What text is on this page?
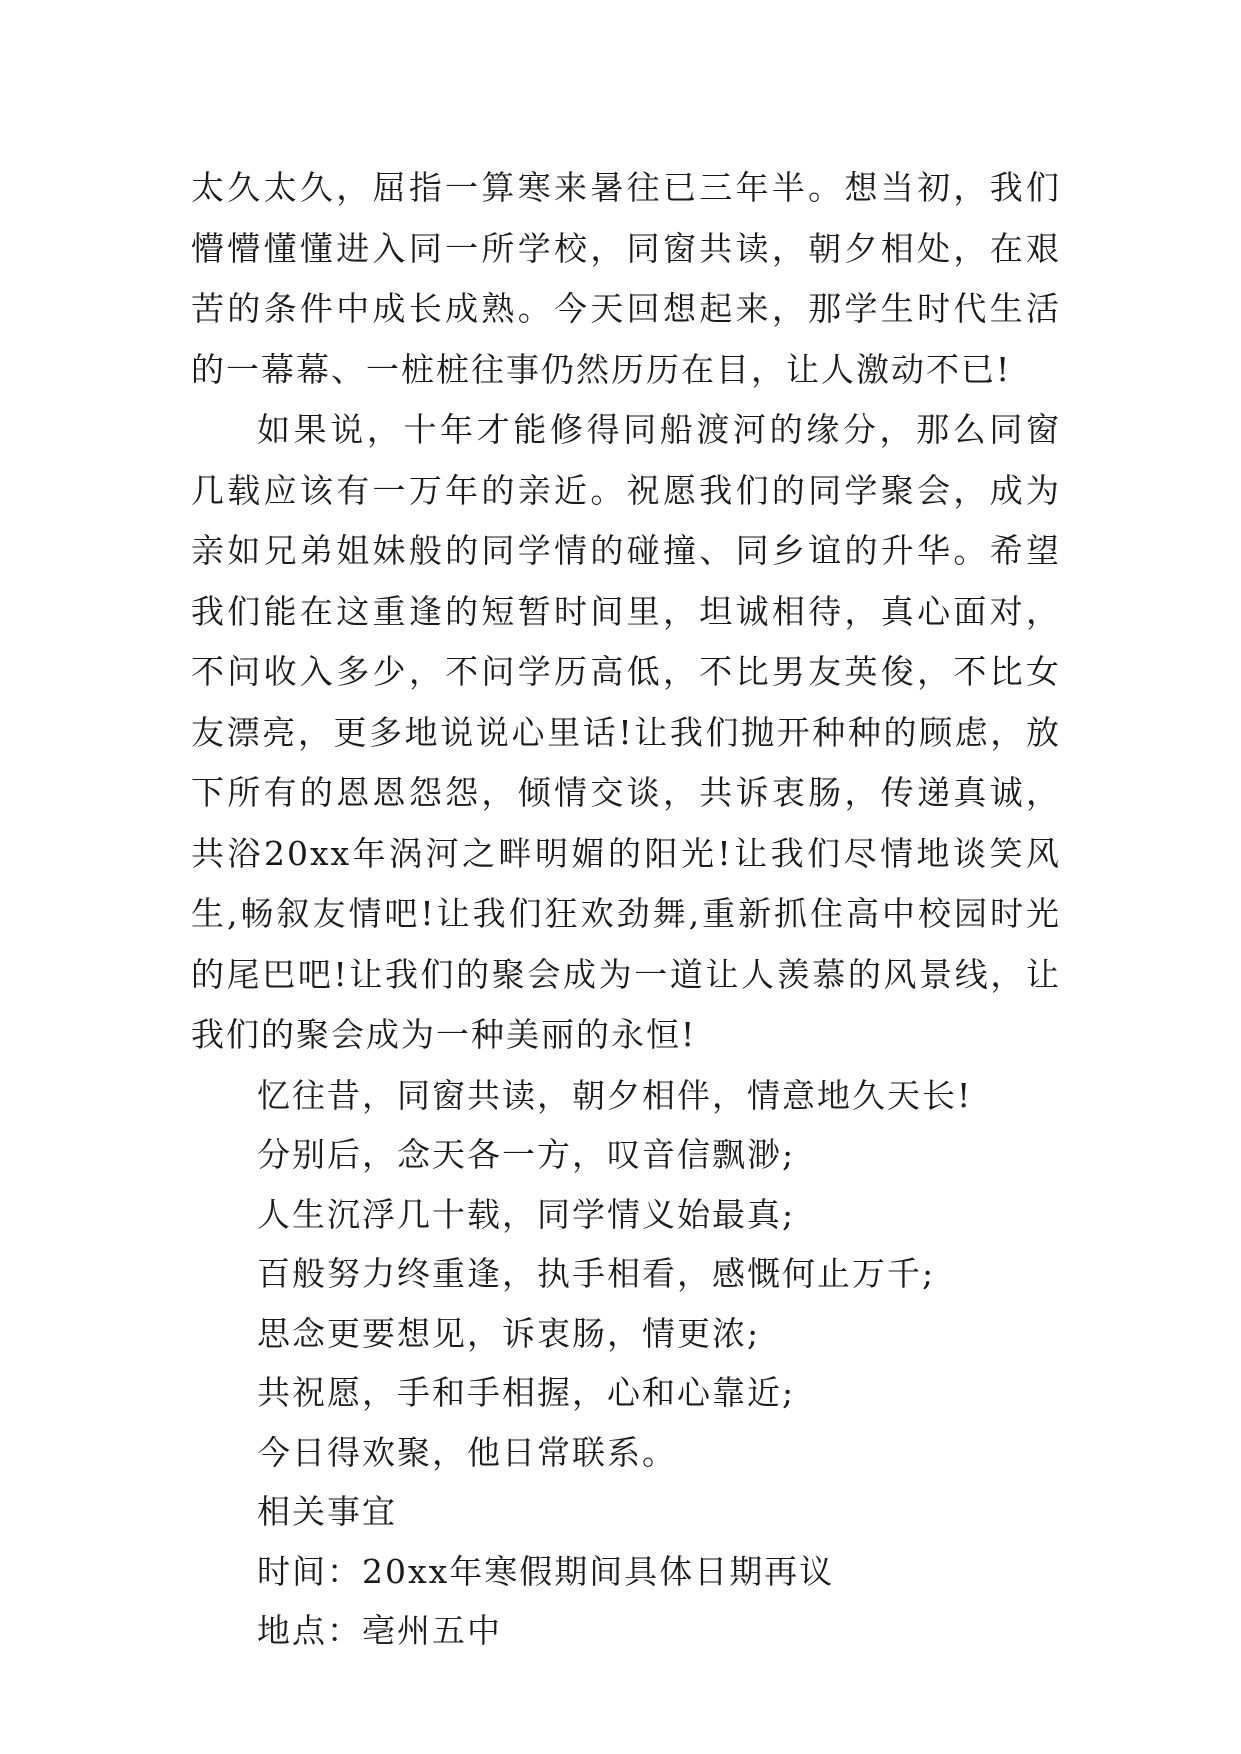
太久太久，屈指一算寒来暑往已三年半。想当初，我们懵懵懂懂进入同一所学校，同窗共读，朝夕相处，在艰苦的条件中成长成熟。今天回想起来，那学生时代生活的一幕幕、一桩桩往事仍然历历在目，让人激动不已!

如果说，十年才能修得同船渡河的缘分，那么同窗几载应该有一万年的亲近。祝愿我们的同学聚会，成为亲如兄弟姐妹般的同学情的碰撞、同乡谊的升华。希望我们能在这重逢的短暂时间里，坦诚相待，真心面对，不问收入多少，不问学历高低，不比男友英俊，不比女友漂亮，更多地说说心里话!让我们抛开种种的顾虑，放下所有的恩恩怨怨，倾情交谈，共诉衷肠，传递真诚，共浴20xx年涡河之畔明媚的阳光!让我们尽情地谈笑风生,畅叙友情吧!让我们狂欢劲舞,重新抓住高中校园时光的尾巴吧!让我们的聚会成为一道让人羡慕的风景线，让我们的聚会成为一种美丽的永恒!

忆往昔，同窗共读，朝夕相伴，情意地久天长!

分别后，念天各一方，叹音信飘渺;

人生沉浮几十载，同学情义始最真;

百般努力终重逢，执手相看，感慨何止万千;

思念更要想见，诉衷肠，情更浓;

共祝愿，手和手相握，心和心靠近;

今日得欢聚，他日常联系。

相关事宜

时间：20xx年寒假期间具体日期再议

地点：亳州五中
